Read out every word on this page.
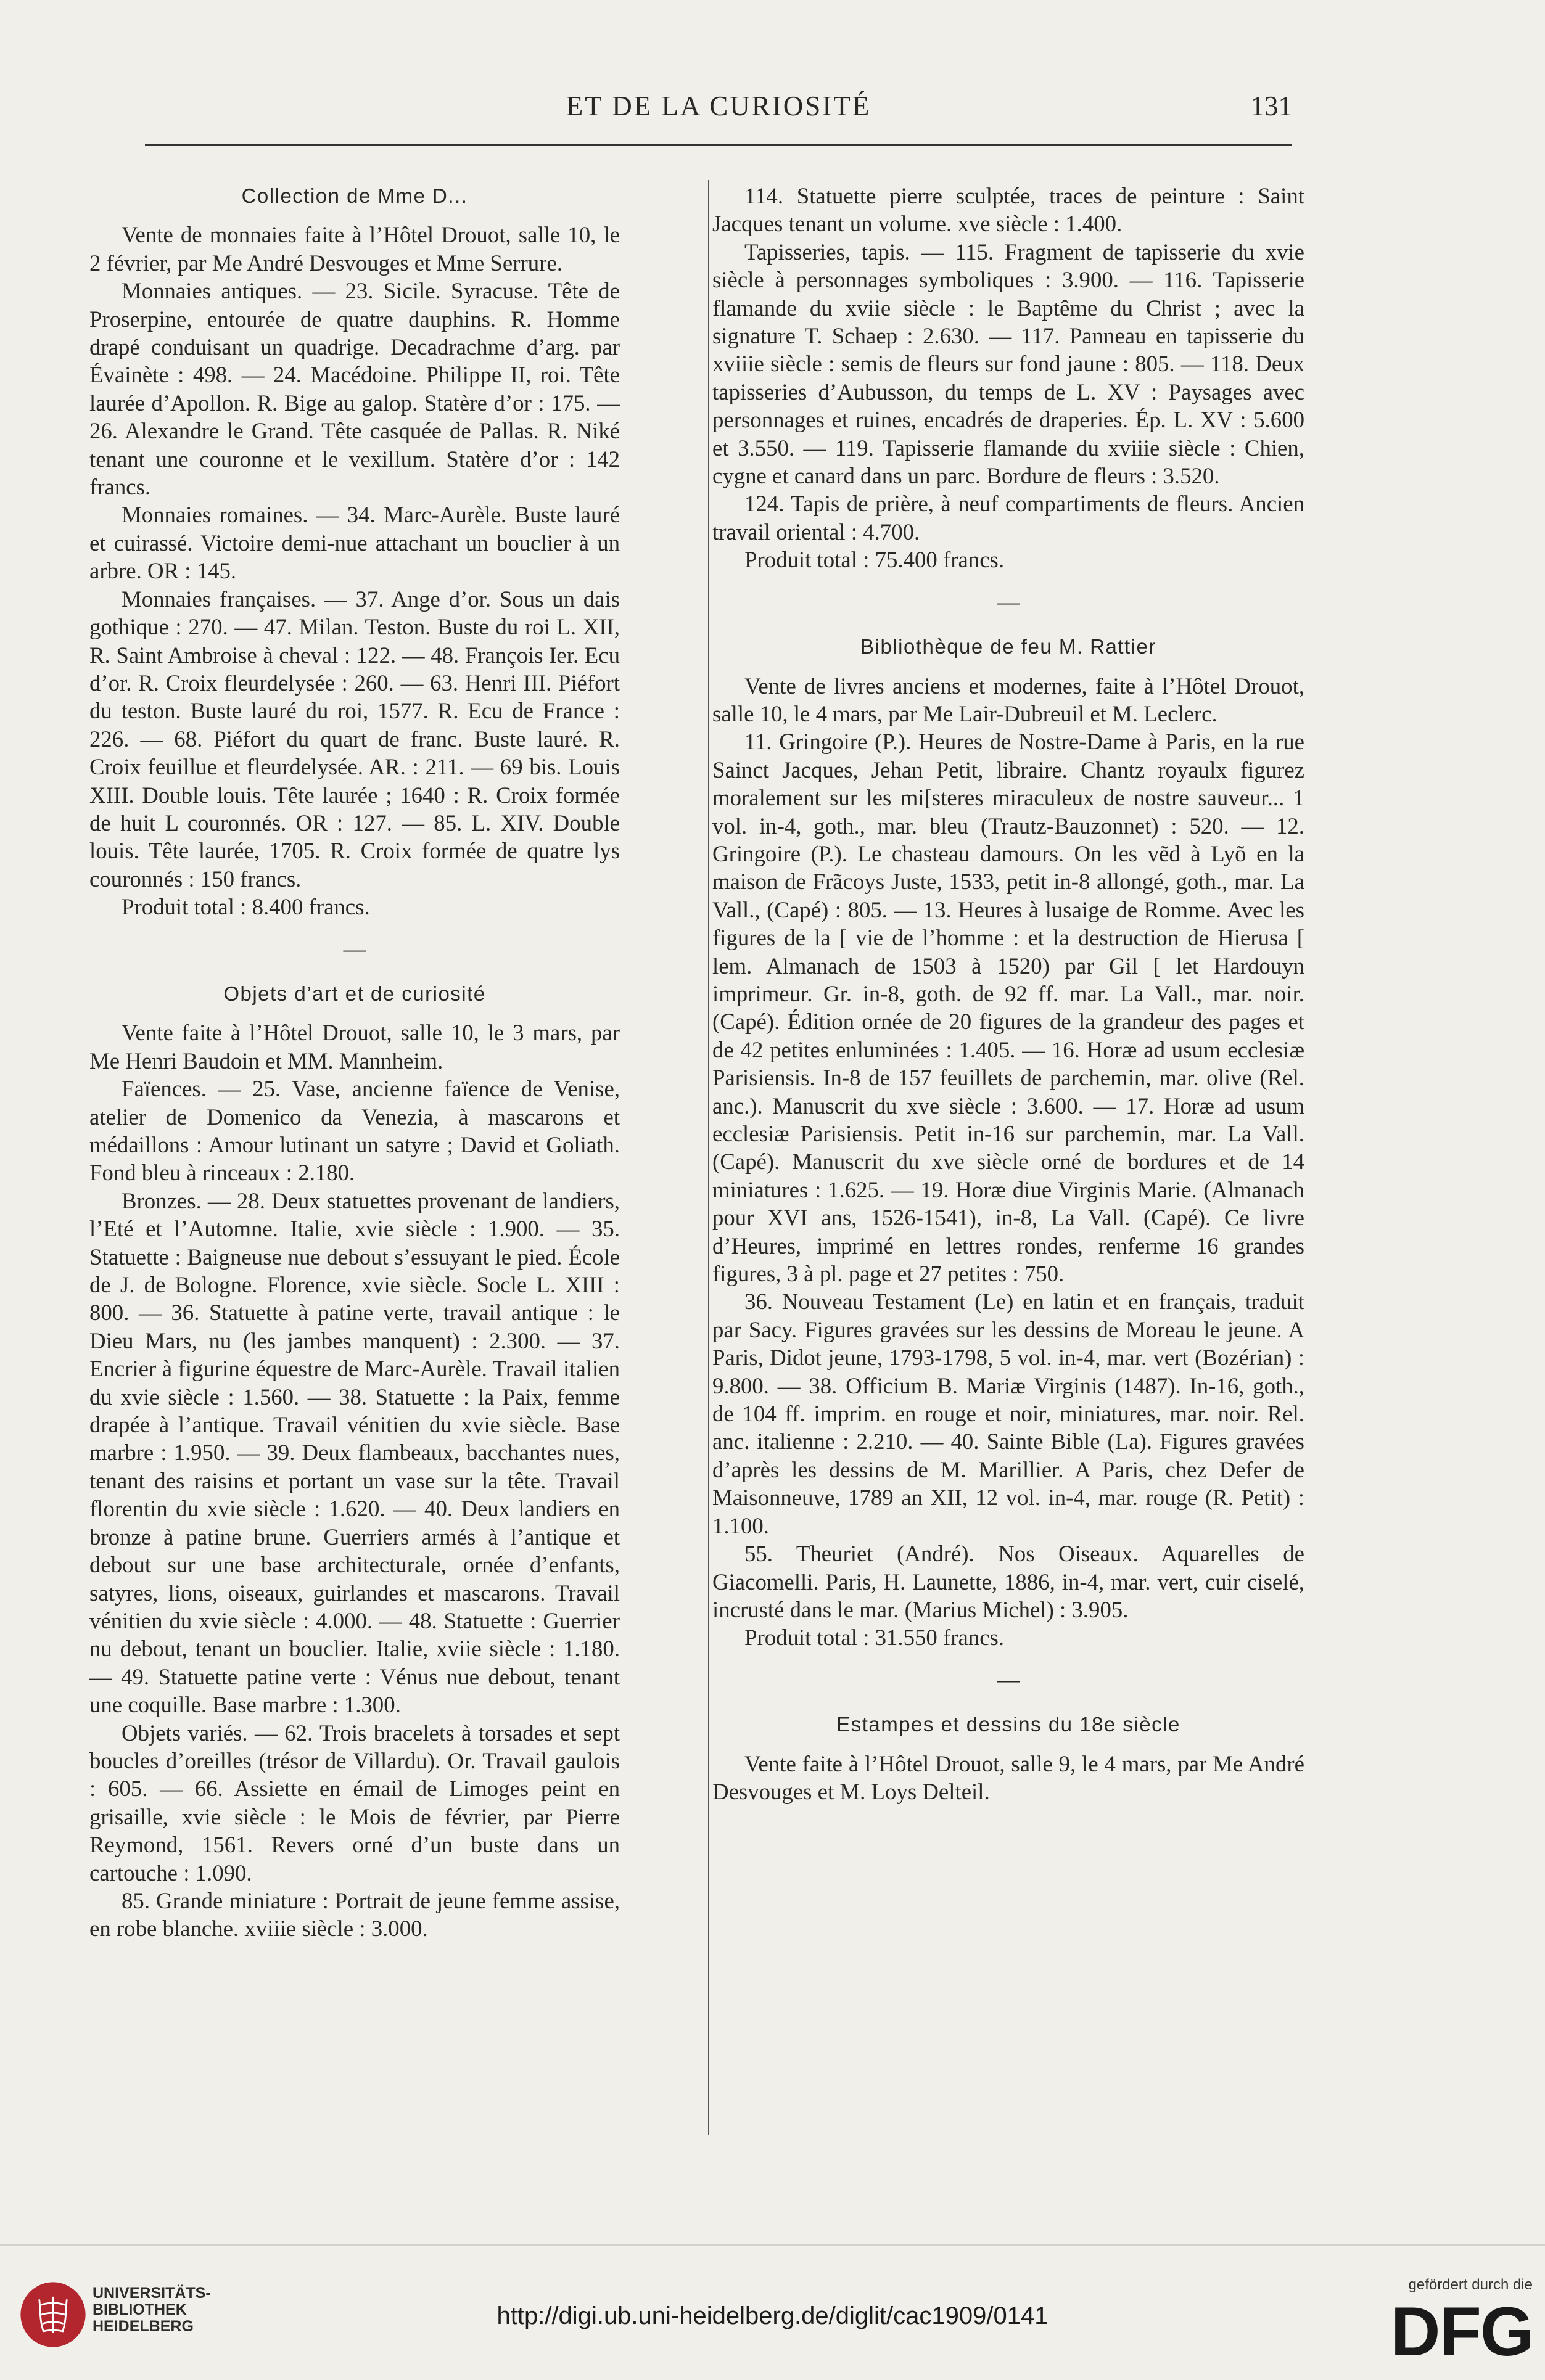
ET DE LA CURIOSITÉ	131

Collection de Mme D...

Vente de monnaies faite à l’Hôtel Drouot, salle 10, le 2 février, par Me André Desvouges et Mme Serrure.

Monnaies antiques. — 23. Sicile. Syracuse. Tête de Proserpine, entourée de quatre dauphins. R. Homme drapé conduisant un quadrige. Decadrachme d’arg. par Évainète : 498. — 24. Macédoine. Philippe II, roi. Tête laurée d’Apollon. R. Bige au galop. Statère d’or : 175. — 26. Alexandre le Grand. Tête casquée de Pallas. R. Niké tenant une couronne et le vexillum. Statère d’or : 142 francs.

Monnaies romaines. — 34. Marc-Aurèle. Buste lauré et cuirassé. Victoire demi-nue attachant un bouclier à un arbre. OR : 145.

Monnaies françaises. — 37. Ange d’or. Sous un dais gothique : 270. — 47. Milan. Teston. Buste du roi L. XII, R. Saint Ambroise à cheval : 122. — 48. François Ier. Ecu d’or. R. Croix fleurdelysée : 260. — 63. Henri III. Piéfort du teston. Buste lauré du roi, 1577. R. Ecu de France : 226. — 68. Piéfort du quart de franc. Buste lauré. R. Croix feuillue et fleurdelysée. AR. : 211. — 69 bis. Louis XIII. Double louis. Tête laurée ; 1640 : R. Croix formée de huit L couronnés. OR : 127. — 85. L. XIV. Double louis. Tête laurée, 1705. R. Croix formée de quatre lys couronnés : 150 francs.

Produit total : 8.400 francs.

—

Objets d’art et de curiosité

Vente faite à l’Hôtel Drouot, salle 10, le 3 mars, par Me Henri Baudoin et MM. Mannheim.

Faïences. — 25. Vase, ancienne faïence de Venise, atelier de Domenico da Venezia, à mascarons et médaillons : Amour lutinant un satyre ; David et Goliath. Fond bleu à rinceaux : 2.180.

Bronzes. — 28. Deux statuettes provenant de landiers, l’Eté et l’Automne. Italie, xvie siècle : 1.900. — 35. Statuette : Baigneuse nue debout s’essuyant le pied. École de J. de Bologne. Florence, xvie siècle. Socle L. XIII : 800. — 36. Statuette à patine verte, travail antique : le Dieu Mars, nu (les jambes manquent) : 2.300. — 37. Encrier à figurine équestre de Marc-Aurèle. Travail italien du xvie siècle : 1.560. — 38. Statuette : la Paix, femme drapée à l’antique. Travail vénitien du xvie siècle. Base marbre : 1.950. — 39. Deux flambeaux, bacchantes nues, tenant des raisins et portant un vase sur la tête. Travail florentin du xvie siècle : 1.620. — 40. Deux landiers en bronze à patine brune. Guerriers armés à l’antique et debout sur une base architecturale, ornée d’enfants, satyres, lions, oiseaux, guirlandes et mascarons. Travail vénitien du xvie siècle : 4.000. — 48. Statuette : Guerrier nu debout, tenant un bouclier. Italie, xviie siècle : 1.180. — 49. Statuette patine verte : Vénus nue debout, tenant une coquille. Base marbre : 1.300.

Objets variés. — 62. Trois bracelets à torsades et sept boucles d’oreilles (trésor de Villardu). Or. Travail gaulois : 605. — 66. Assiette en émail de Limoges peint en grisaille, xvie siècle : le Mois de février, par Pierre Reymond, 1561. Revers orné d’un buste dans un cartouche : 1.090.

85. Grande miniature : Portrait de jeune femme assise, en robe blanche. xviiie siècle : 3.000.

114. Statuette pierre sculptée, traces de peinture : Saint Jacques tenant un volume. xve siècle : 1.400.

Tapisseries, tapis. — 115. Fragment de tapisserie du xvie siècle à personnages symboliques : 3.900. — 116. Tapisserie flamande du xviie siècle : le Baptême du Christ ; avec la signature T. Schaep : 2.630. — 117. Panneau en tapisserie du xviiie siècle : semis de fleurs sur fond jaune : 805. — 118. Deux tapisseries d’Aubusson, du temps de L. XV : Paysages avec personnages et ruines, encadrés de draperies. Ép. L. XV : 5.600 et 3.550. — 119. Tapisserie flamande du xviiie siècle : Chien, cygne et canard dans un parc. Bordure de fleurs : 3.520.

124. Tapis de prière, à neuf compartiments de fleurs. Ancien travail oriental : 4.700.

Produit total : 75.400 francs.

—

Bibliothèque de feu M. Rattier

Vente de livres anciens et modernes, faite à l’Hôtel Drouot, salle 10, le 4 mars, par Me Lair-Dubreuil et M. Leclerc.

11. Gringoire (P.). Heures de Nostre-Dame à Paris, en la rue Sainct Jacques, Jehan Petit, libraire. Chantz royaulx figurez moralement sur les mi[steres miraculeux de nostre sauveur... 1 vol. in-4, goth., mar. bleu (Trautz-Bauzonnet) : 520. — 12. Gringoire (P.). Le chasteau damours. On les vẽd à Lyõ en la maison de Frãcoys Juste, 1533, petit in-8 allongé, goth., mar. La Vall., (Capé) : 805. — 13. Heures à lusaige de Romme. Avec les figures de la [ vie de l’homme : et la destruction de Hierusa [ lem. Almanach de 1503 à 1520) par Gil [ let Hardouyn imprimeur. Gr. in-8, goth. de 92 ff. mar. La Vall., mar. noir. (Capé). Édition ornée de 20 figures de la grandeur des pages et de 42 petites enluminées : 1.405. — 16. Horæ ad usum ecclesiæ Parisiensis. In-8 de 157 feuillets de parchemin, mar. olive (Rel. anc.). Manuscrit du xve siècle : 3.600. — 17. Horæ ad usum ecclesiæ Parisiensis. Petit in-16 sur parchemin, mar. La Vall. (Capé). Manuscrit du xve siècle orné de bordures et de 14 miniatures : 1.625. — 19. Horæ diue Virginis Marie. (Almanach pour XVI ans, 1526-1541), in-8, La Vall. (Capé). Ce livre d’Heures, imprimé en lettres rondes, renferme 16 grandes figures, 3 à pl. page et 27 petites : 750.

36. Nouveau Testament (Le) en latin et en français, traduit par Sacy. Figures gravées sur les dessins de Moreau le jeune. A Paris, Didot jeune, 1793-1798, 5 vol. in-4, mar. vert (Bozérian) : 9.800. — 38. Officium B. Mariæ Virginis (1487). In-16, goth., de 104 ff. imprim. en rouge et noir, miniatures, mar. noir. Rel. anc. italienne : 2.210. — 40. Sainte Bible (La). Figures gravées d’après les dessins de M. Marillier. A Paris, chez Defer de Maisonneuve, 1789 an XII, 12 vol. in-4, mar. rouge (R. Petit) : 1.100.

55. Theuriet (André). Nos Oiseaux. Aquarelles de Giacomelli. Paris, H. Launette, 1886, in-4, mar. vert, cuir ciselé, incrusté dans le mar. (Marius Michel) : 3.905.

Produit total : 31.550 francs.

—

Estampes et dessins du 18e siècle

Vente faite à l’Hôtel Drouot, salle 9, le 4 mars, par Me André Desvouges et M. Loys Delteil.

UNIVERSITÄTS-
BIBLIOTHEK
HEIDELBERG	http://digi.ub.uni-heidelberg.de/diglit/cac1909/0141
gefördert durch die
DFG
